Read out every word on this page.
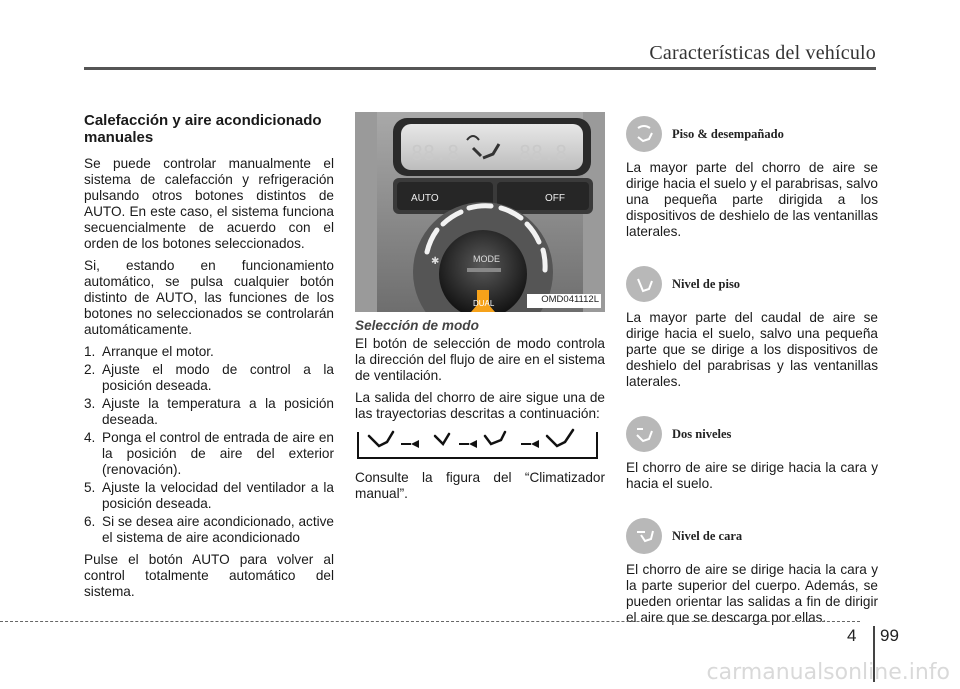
Características del vehículo
Calefacción y aire acondicionado manuales

Se puede controlar manualmente el sistema de calefacción y refrigeración pulsando otros botones distintos de AUTO. En este caso, el sistema funciona secuencialmente de acuerdo con el orden de los botones seleccionados.

Si, estando en funcionamiento automático, se pulsa cualquier botón distinto de AUTO, las funciones de los botones no seleccionados se controlarán automáticamente.

1. Arranque el motor.
2. Ajuste el modo de control a la posición deseada.
3. Ajuste la temperatura a la posición deseada.
4. Ponga el control de entrada de aire en la posición de aire del exterior (renovación).
5. Ajuste la velocidad del ventilador a la posición deseada.
6. Si se desea aire acondicionado, active el sistema de aire acondicionado

Pulse el botón AUTO para volver al control totalmente automático del sistema.

88.8	88.8
AUTO	OFF
MODE
DUAL
✱
OMD041112L
Selección de modo

El botón de selección de modo controla la dirección del flujo de aire en el sistema de ventilación.

La salida del chorro de aire sigue una de las trayectorias descritas a continuación:

Consulte la figura del “Climatizador manual”.

Piso & desempañado

La mayor parte del chorro de aire se dirige hacia el suelo y el parabrisas, salvo una pequeña parte dirigida a los dispositivos de deshielo de las ventanillas laterales.

Nivel de piso

La mayor parte del caudal de aire se dirige hacia el suelo, salvo una pequeña parte que se dirige a los dispositivos de deshielo del parabrisas y las ventanillas laterales.

Dos niveles

El chorro de aire se dirige hacia la cara y hacia el suelo.

Nivel de cara

El chorro de aire se dirige hacia la cara y la parte superior del cuerpo. Además, se pueden orientar las salidas a fin de dirigir el aire que se descarga por ellas.

4 99
carmanualsonline.info
